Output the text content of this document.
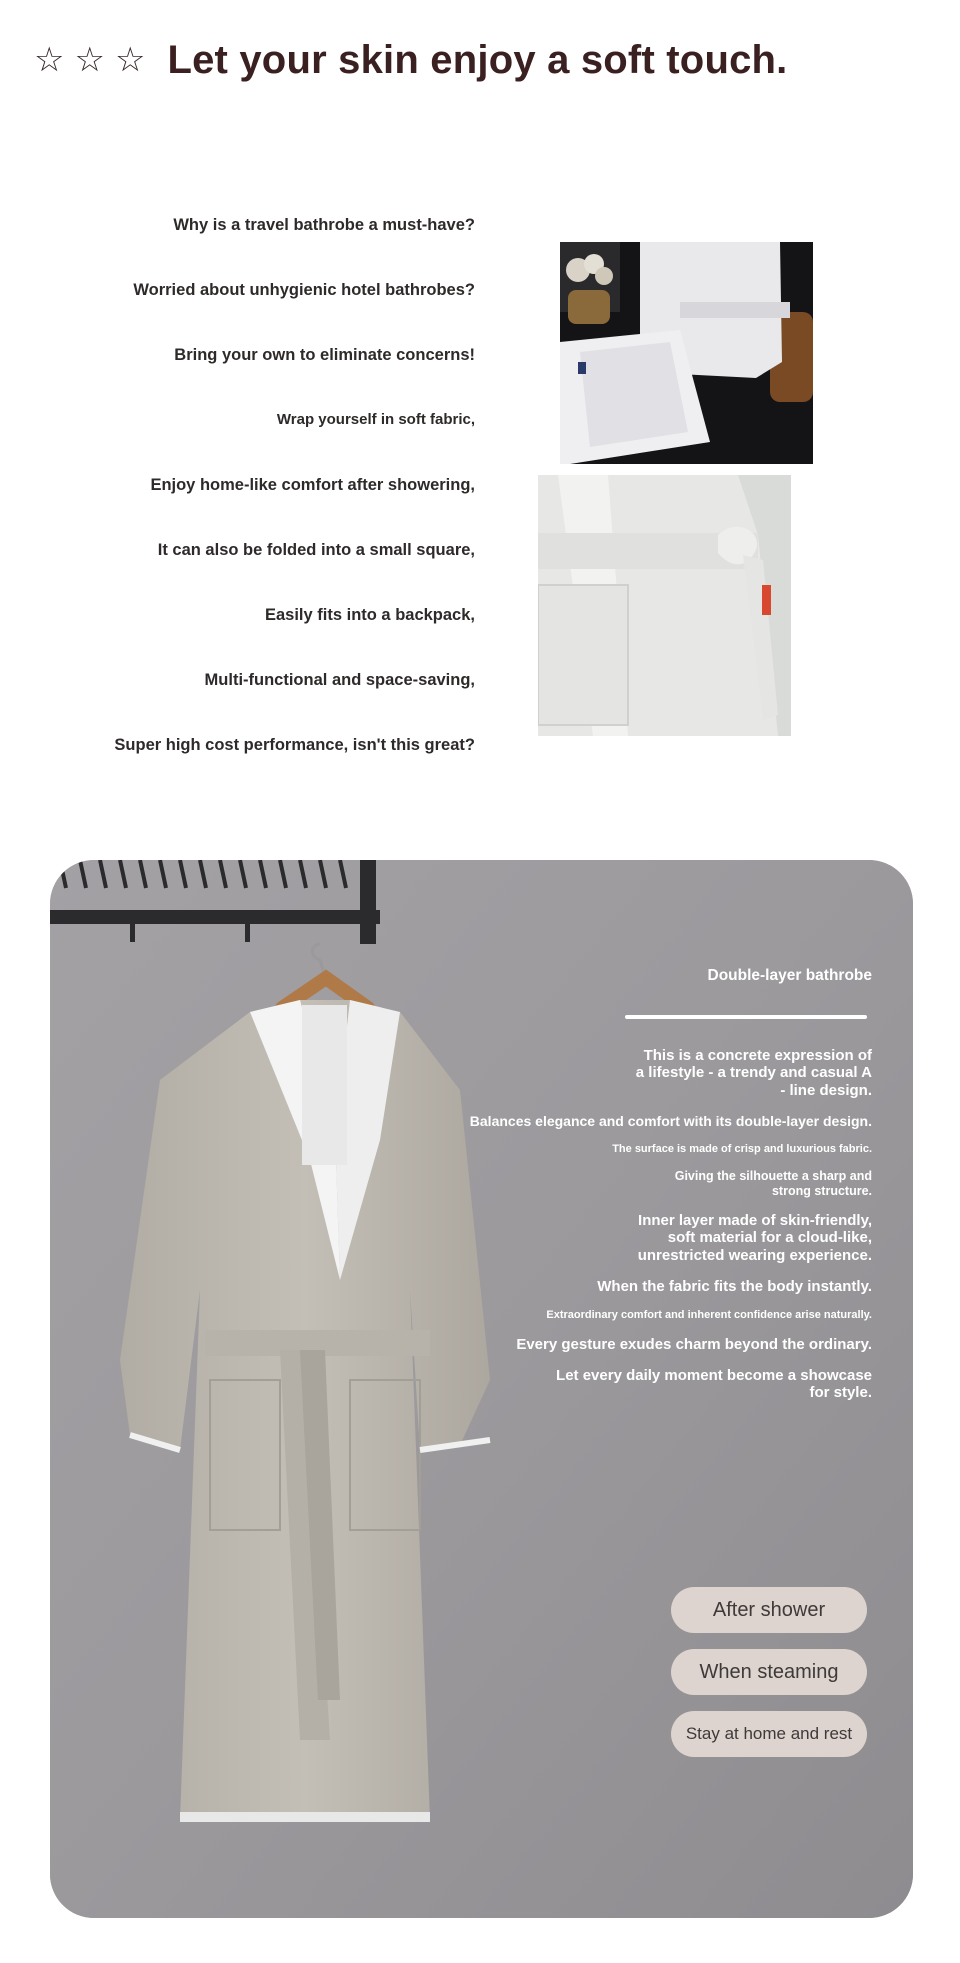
☆ ☆ ☆ Let your skin enjoy a soft touch.
Why is a travel bathrobe a must-have?
Worried about unhygienic hotel bathrobes?
Bring your own to eliminate concerns!
Wrap yourself in soft fabric,
Enjoy home-like comfort after showering,
It can also be folded into a small square,
Easily fits into a backpack,
Multi-functional and space-saving,
Super high cost performance, isn't this great?

Double-layer bathrobe

This is a concrete expression of a lifestyle - a trendy and casual A - line design.
Balances elegance and comfort with its double-layer design.
The surface is made of crisp and luxurious fabric.
Giving the silhouette a sharp and strong structure.
Inner layer made of skin-friendly, soft material for a cloud-like, unrestricted wearing experience.
When the fabric fits the body instantly.
Extraordinary comfort and inherent confidence arise naturally.
Every gesture exudes charm beyond the ordinary.
Let every daily moment become a showcase for style.
After shower
When steaming
Stay at home and rest
